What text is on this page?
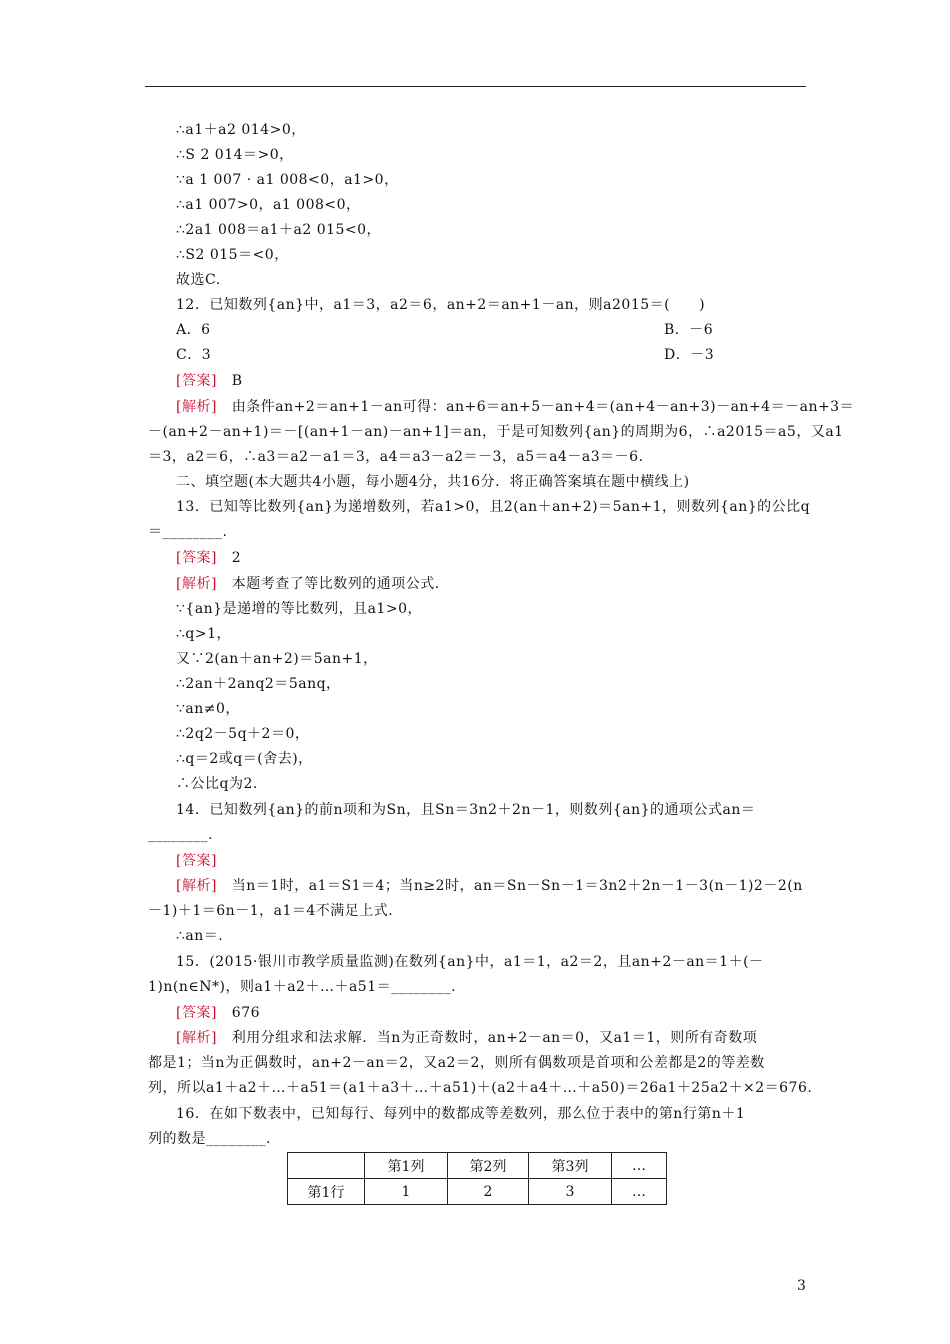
∴a1＋a2 014>0，
∴S 2 014＝>0，
∵a 1 007 · a1 008<0，a1>0，
∴a1 007>0，a1 008<0，
∴2a1 008＝a1＋a2 015<0，
∴S2 015＝<0，
故选C.
12．已知数列{an}中，a1＝3，a2＝6，an+2＝an+1－an，则a2015＝(　　)
A．6	B．－6
C．3	D．－3
[答案] B
[解析] 由条件an+2＝an+1－an可得：an+6＝an+5－an+4＝(an+4－an+3)－an+4＝－an+3＝
－(an+2－an+1)＝－[(an+1－an)－an+1]＝an，于是可知数列{an}的周期为6，∴a2015＝a5，又a1
＝3，a2＝6，∴a3＝a2－a1＝3，a4＝a3－a2＝－3，a5＝a4－a3＝－6.
二、填空题(本大题共4小题，每小题4分，共16分．将正确答案填在题中横线上)
13．已知等比数列{an}为递增数列，若a1>0，且2(an＋an+2)＝5an+1，则数列{an}的公比q
＝________.
[答案] 2
[解析] 本题考查了等比数列的通项公式.
∵{an}是递增的等比数列，且a1>0，
∴q>1，
又∵2(an＋an+2)＝5an+1，
∴2an＋2anq2＝5anq，
∵an≠0，
∴2q2－5q＋2＝0，
∴q＝2或q＝(舍去)，
∴公比q为2.
14．已知数列{an}的前n项和为Sn，且Sn＝3n2＋2n－1，则数列{an}的通项公式an＝
________.
[答案]
[解析] 当n＝1时，a1＝S1＝4；当n≥2时，an＝Sn－Sn－1＝3n2＋2n－1－3(n－1)2－2(n
－1)＋1＝6n－1，a1＝4不满足上式.
∴an＝.
15．(2015·银川市教学质量监测)在数列{an}中，a1＝1，a2＝2，且an+2－an＝1＋(－
1)n(n∈N*)，则a1＋a2＋…＋a51＝________.
[答案] 676
[解析] 利用分组求和法求解．当n为正奇数时，an+2－an＝0，又a1＝1，则所有奇数项
都是1；当n为正偶数时，an+2－an＝2，又a2＝2，则所有偶数项是首项和公差都是2的等差数
列，所以a1＋a2＋…＋a51＝(a1＋a3＋…＋a51)＋(a2＋a4＋…＋a50)＝26a1＋25a2＋×2＝676.
16．在如下数表中，已知每行、每列中的数都成等差数列，那么位于表中的第n行第n＋1
列的数是________.
	第1列	第2列	第3列	…
第1行	1	2	3	…
3
